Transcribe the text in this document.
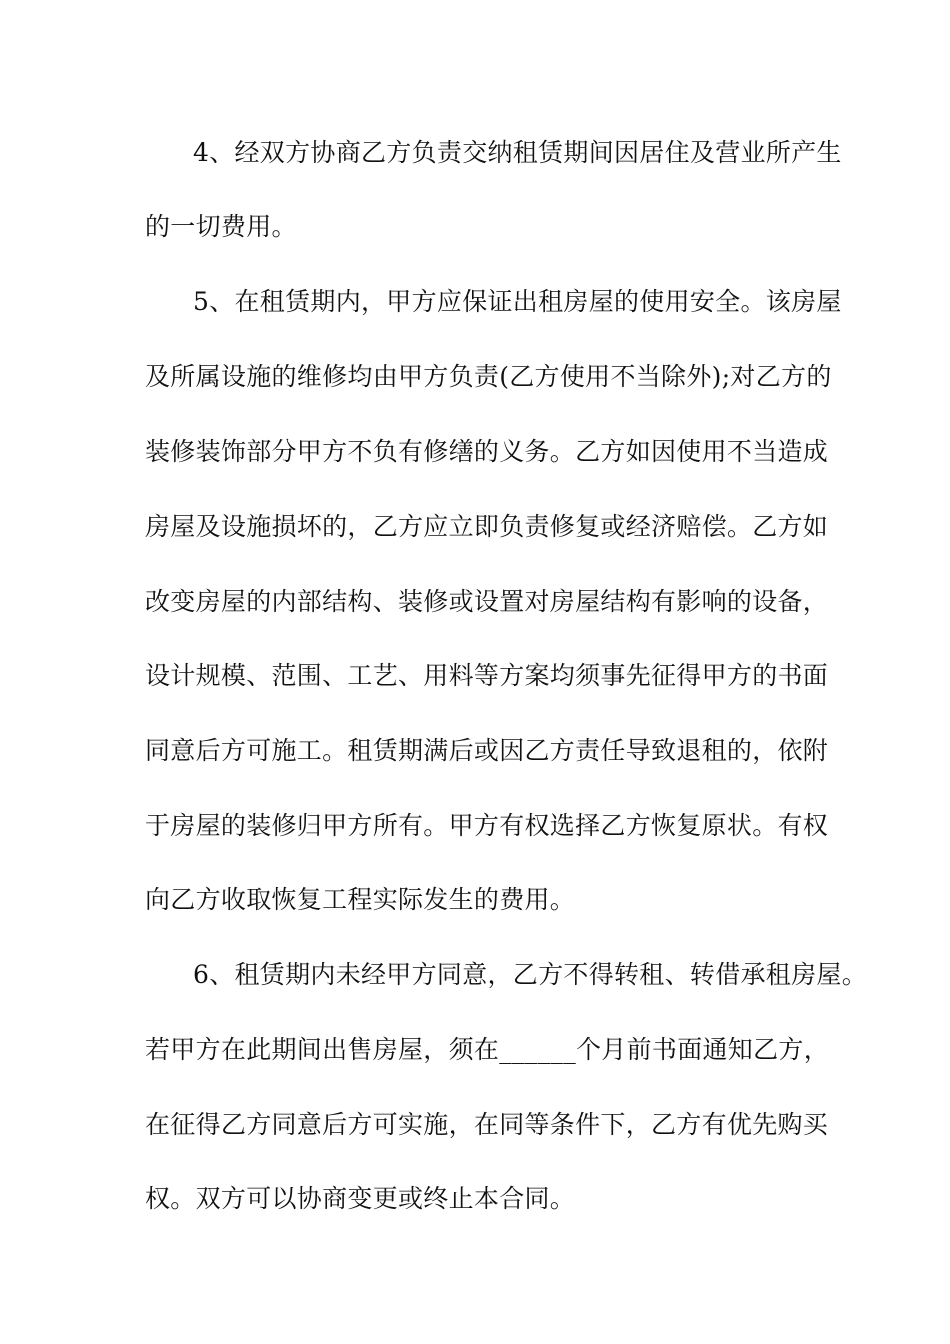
4、经双方协商乙方负责交纳租赁期间因居住及营业所产生
的一切费用。
5、在租赁期内，甲方应保证出租房屋的使用安全。该房屋
及所属设施的维修均由甲方负责(乙方使用不当除外);对乙方的
装修装饰部分甲方不负有修缮的义务。乙方如因使用不当造成
房屋及设施损坏的，乙方应立即负责修复或经济赔偿。乙方如
改变房屋的内部结构、装修或设置对房屋结构有影响的设备，
设计规模、范围、工艺、用料等方案均须事先征得甲方的书面
同意后方可施工。租赁期满后或因乙方责任导致退租的，依附
于房屋的装修归甲方所有。甲方有权选择乙方恢复原状。有权
向乙方收取恢复工程实际发生的费用。
6、租赁期内未经甲方同意，乙方不得转租、转借承租房屋。
若甲方在此期间出售房屋，须在______个月前书面通知乙方，
在征得乙方同意后方可实施，在同等条件下，乙方有优先购买
权。双方可以协商变更或终止本合同。
